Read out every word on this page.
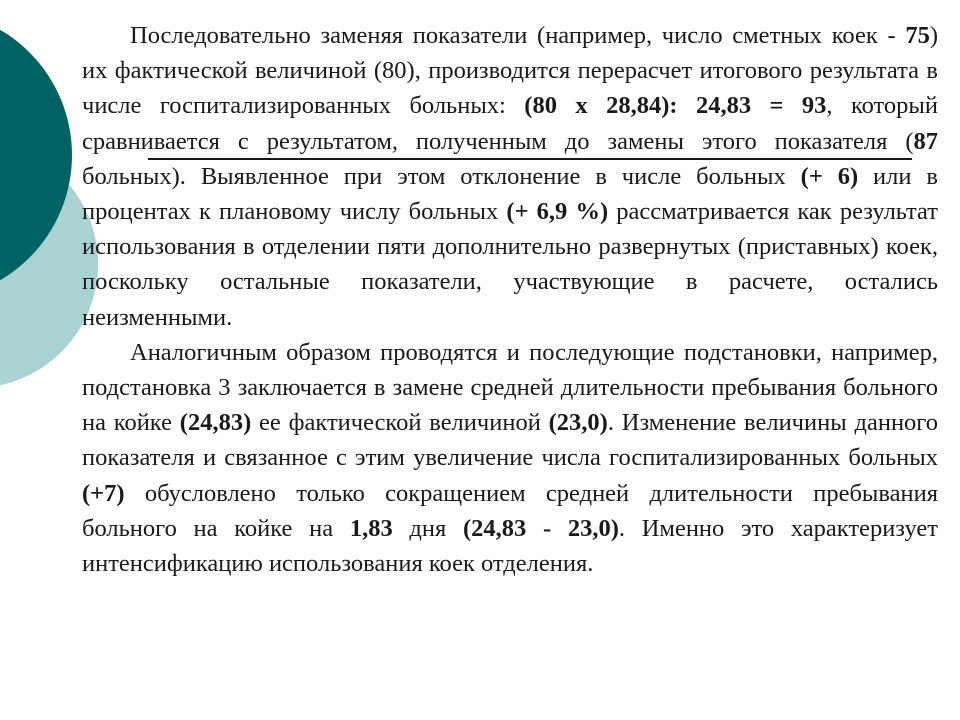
Последовательно заменяя показатели (например, число сметных коек - 75) их фактической величиной (80), производится перерасчет итогового результата в числе госпитализированных больных: (80 х 28,84): 24,83 = 93, который сравнивается с результатом, полученным до замены этого показателя (87 больных). Выявленное при этом отклонение в числе больных (+ 6) или в процентах к плановому числу больных (+ 6,9 %) рассматривается как результат использования в отделении пяти дополнительно развернутых (приставных) коек, поскольку остальные показатели, участвующие в расчете, остались неизменными.

Аналогичным образом проводятся и последующие подстановки, например, подстановка 3 заключается в замене средней длительности пребывания больного на койке (24,83) ее фактической величиной (23,0). Изменение величины данного показателя и связанное с этим увеличение числа госпитализированных больных (+7) обусловлено только сокращением средней длительности пребывания больного на койке на 1,83 дня (24,83 - 23,0). Именно это характеризует интенсификацию использования коек отделения.
